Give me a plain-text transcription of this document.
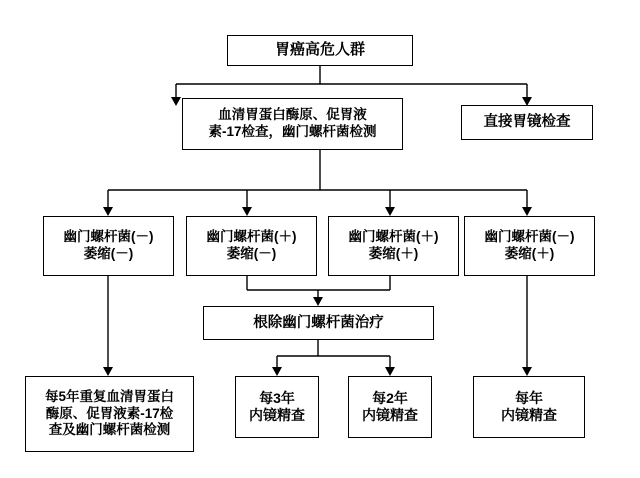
胃癌高危人群
血清胃蛋白酶原、促胃液
素-17检查，幽门螺杆菌检测
直接胃镜检查
幽门螺杆菌(－)
萎缩(－)
幽门螺杆菌(＋)
萎缩(－)
幽门螺杆菌(＋)
萎缩(＋)
幽门螺杆菌(－)
萎缩(＋)
根除幽门螺杆菌治疗
每5年重复血清胃蛋白
酶原、促胃液素-17检
查及幽门螺杆菌检测
每3年
内镜精查
每2年
内镜精查
每年
内镜精查
